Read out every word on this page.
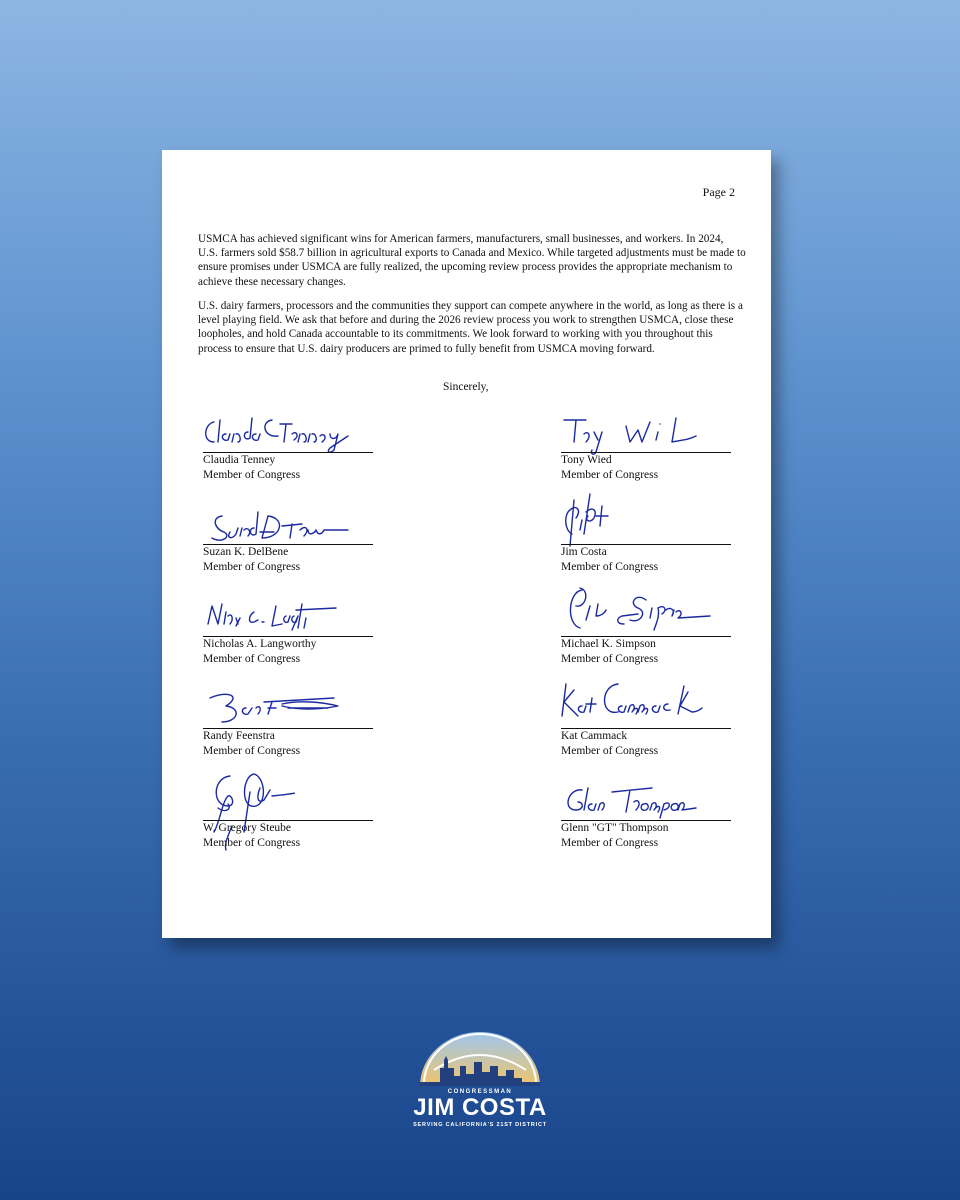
Page 2

USMCA has achieved significant wins for American farmers, manufacturers, small businesses, and workers. In 2024, U.S. farmers sold $58.7 billion in agricultural exports to Canada and Mexico. While targeted adjustments must be made to ensure promises under USMCA are fully realized, the upcoming review process provides the appropriate mechanism to achieve these necessary changes.

U.S. dairy farmers, processors and the communities they support can compete anywhere in the world, as long as there is a level playing field. We ask that before and during the 2026 review process you work to strengthen USMCA, close these loopholes, and hold Canada accountable to its commitments. We look forward to working with you throughout this process to ensure that U.S. dairy producers are primed to fully benefit from USMCA moving forward.

Sincerely,
Claudia Tenney
Member of Congress
Suzan K. DelBene
Member of Congress
Nicholas A. Langworthy
Member of Congress
Randy Feenstra
Member of Congress
W. Gregory Steube
Member of Congress
Tony Wied
Member of Congress
Jim Costa
Member of Congress
Michael K. Simpson
Member of Congress
Kat Cammack
Member of Congress
Glenn "GT" Thompson
Member of Congress
CONGRESSMAN
JIM COSTA
SERVING CALIFORNIA'S 21ST DISTRICT
